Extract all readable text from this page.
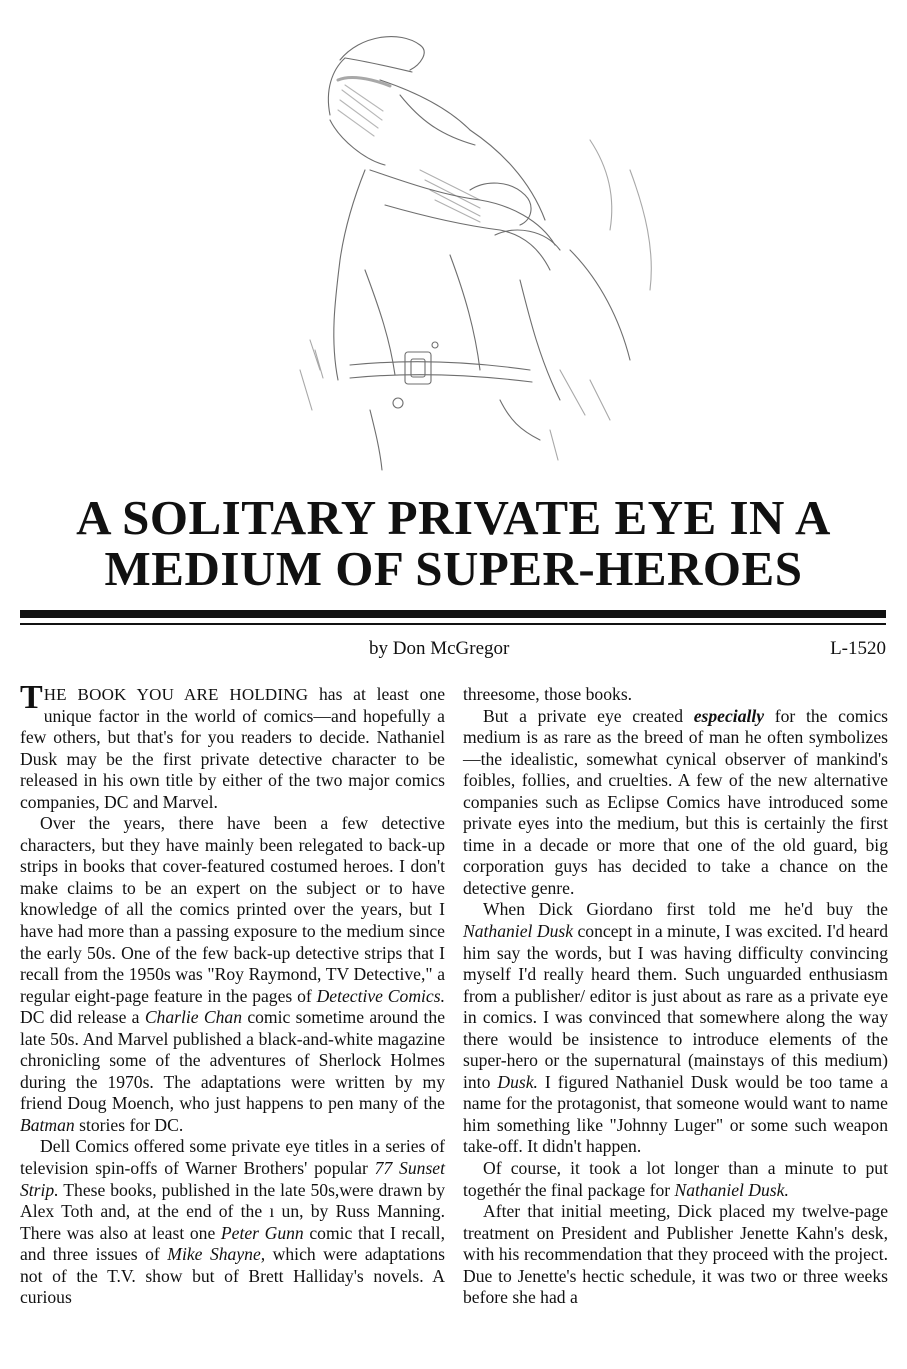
A SOLITARY PRIVATE EYE IN A
MEDIUM OF SUPER-HEROES
by Don McGregor	L-1520

THE BOOK YOU ARE HOLDING has at least one unique factor in the world of comics—and hopefully a few others, but that's for you readers to decide. Nathaniel Dusk may be the first private detective character to be released in his own title by either of the two major comics companies, DC and Marvel.

Over the years, there have been a few detective characters, but they have mainly been relegated to back-up strips in books that cover-featured costumed heroes. I don't make claims to be an expert on the subject or to have knowledge of all the comics printed over the years, but I have had more than a passing exposure to the medium since the early 50s. One of the few back-up detective strips that I recall from the 1950s was "Roy Raymond, TV Detective," a regular eight-page feature in the pages of Detective Comics. DC did release a Charlie Chan comic sometime around the late 50s. And Marvel published a black-and-white magazine chronicling some of the adventures of Sherlock Holmes during the 1970s. The adaptations were written by my friend Doug Moench, who just happens to pen many of the Batman stories for DC.

Dell Comics offered some private eye titles in a series of television spin-offs of Warner Brothers' popular 77 Sunset Strip. These books, published in the late 50s,were drawn by Alex Toth and, at the end of the ı un, by Russ Manning. There was also at least one Peter Gunn comic that I recall, and three issues of Mike Shayne, which were adaptations not of the T.V. show but of Brett Halliday's novels. A curious

threesome, those books.

But a private eye created especially for the comics medium is as rare as the breed of man he often symbolizes—the idealistic, somewhat cynical observer of mankind's foibles, follies, and cruelties. A few of the new alternative companies such as Eclipse Comics have introduced some private eyes into the medium, but this is certainly the first time in a decade or more that one of the old guard, big corporation guys has decided to take a chance on the detective genre.

When Dick Giordano first told me he'd buy the Nathaniel Dusk concept in a minute, I was excited. I'd heard him say the words, but I was having difficulty convincing myself I'd really heard them. Such unguarded enthusiasm from a publisher/ editor is just about as rare as a private eye in comics. I was convinced that somewhere along the way there would be insistence to introduce elements of the super-hero or the supernatural (mainstays of this medium) into Dusk. I figured Nathaniel Dusk would be too tame a name for the protagonist, that someone would want to name him something like "Johnny Luger" or some such weapon take-off. It didn't happen.

Of course, it took a lot longer than a minute to put togethér the final package for Nathaniel Dusk.

After that initial meeting, Dick placed my twelve-page treatment on President and Publisher Jenette Kahn's desk, with his recommendation that they proceed with the project. Due to Jenette's hectic schedule, it was two or three weeks before she had a
